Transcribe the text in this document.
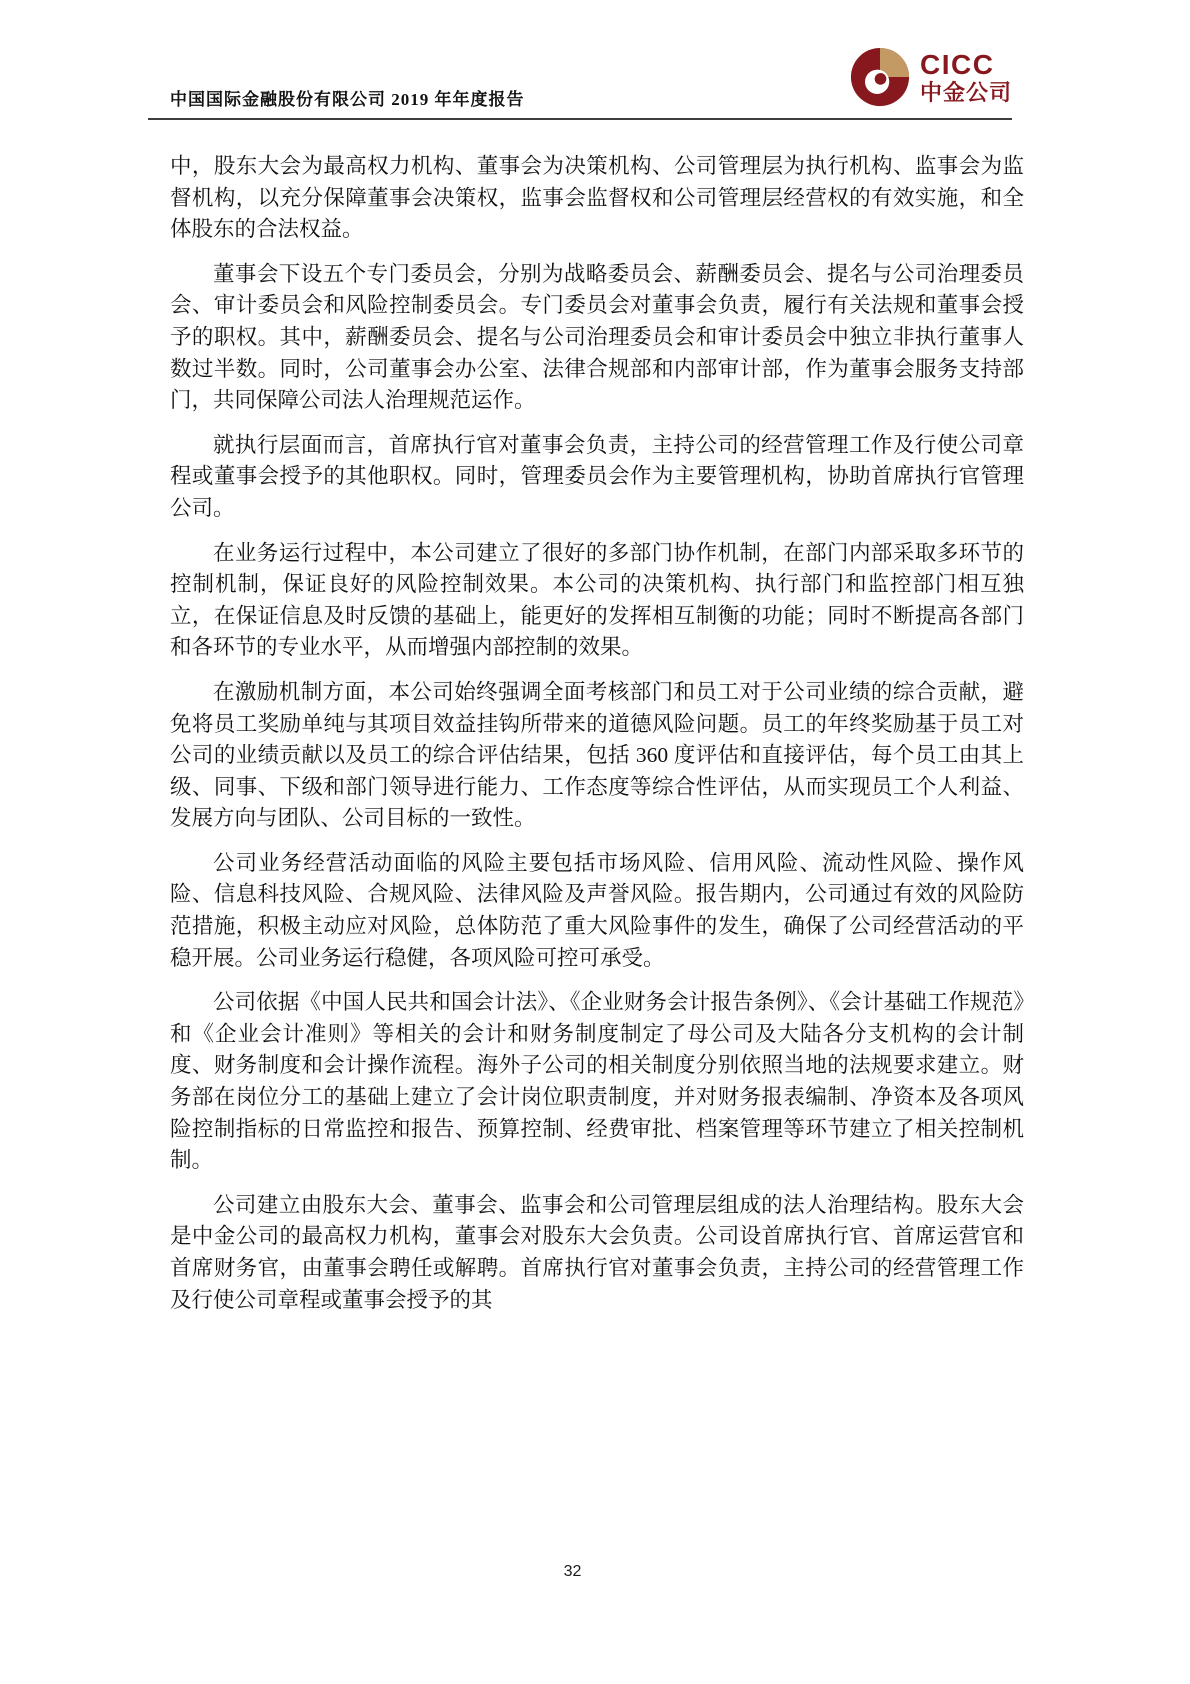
中国国际金融股份有限公司 2019 年年度报告
CICC
中金公司

中，股东大会为最高权力机构、董事会为决策机构、公司管理层为执行机构、监事会为监督机构，以充分保障董事会决策权，监事会监督权和公司管理层经营权的有效实施，和全体股东的合法权益。

董事会下设五个专门委员会，分别为战略委员会、薪酬委员会、提名与公司治理委员会、审计委员会和风险控制委员会。专门委员会对董事会负责，履行有关法规和董事会授予的职权。其中，薪酬委员会、提名与公司治理委员会和审计委员会中独立非执行董事人数过半数。同时，公司董事会办公室、法律合规部和内部审计部，作为董事会服务支持部门，共同保障公司法人治理规范运作。

就执行层面而言，首席执行官对董事会负责，主持公司的经营管理工作及行使公司章程或董事会授予的其他职权。同时，管理委员会作为主要管理机构，协助首席执行官管理公司。

在业务运行过程中，本公司建立了很好的多部门协作机制，在部门内部采取多环节的控制机制，保证良好的风险控制效果。本公司的决策机构、执行部门和监控部门相互独立，在保证信息及时反馈的基础上，能更好的发挥相互制衡的功能；同时不断提高各部门和各环节的专业水平，从而增强内部控制的效果。

在激励机制方面，本公司始终强调全面考核部门和员工对于公司业绩的综合贡献，避免将员工奖励单纯与其项目效益挂钩所带来的道德风险问题。员工的年终奖励基于员工对公司的业绩贡献以及员工的综合评估结果，包括 360 度评估和直接评估，每个员工由其上级、同事、下级和部门领导进行能力、工作态度等综合性评估，从而实现员工个人利益、发展方向与团队、公司目标的一致性。

公司业务经营活动面临的风险主要包括市场风险、信用风险、流动性风险、操作风险、信息科技风险、合规风险、法律风险及声誉风险。报告期内，公司通过有效的风险防范措施，积极主动应对风险，总体防范了重大风险事件的发生，确保了公司经营活动的平稳开展。公司业务运行稳健，各项风险可控可承受。

公司依据《中国人民共和国会计法》、《企业财务会计报告条例》、《会计基础工作规范》和《企业会计准则》等相关的会计和财务制度制定了母公司及大陆各分支机构的会计制度、财务制度和会计操作流程。海外子公司的相关制度分别依照当地的法规要求建立。财务部在岗位分工的基础上建立了会计岗位职责制度，并对财务报表编制、净资本及各项风险控制指标的日常监控和报告、预算控制、经费审批、档案管理等环节建立了相关控制机制。

公司建立由股东大会、董事会、监事会和公司管理层组成的法人治理结构。股东大会是中金公司的最高权力机构，董事会对股东大会负责。公司设首席执行官、首席运营官和首席财务官，由董事会聘任或解聘。首席执行官对董事会负责，主持公司的经营管理工作及行使公司章程或董事会授予的其

32
